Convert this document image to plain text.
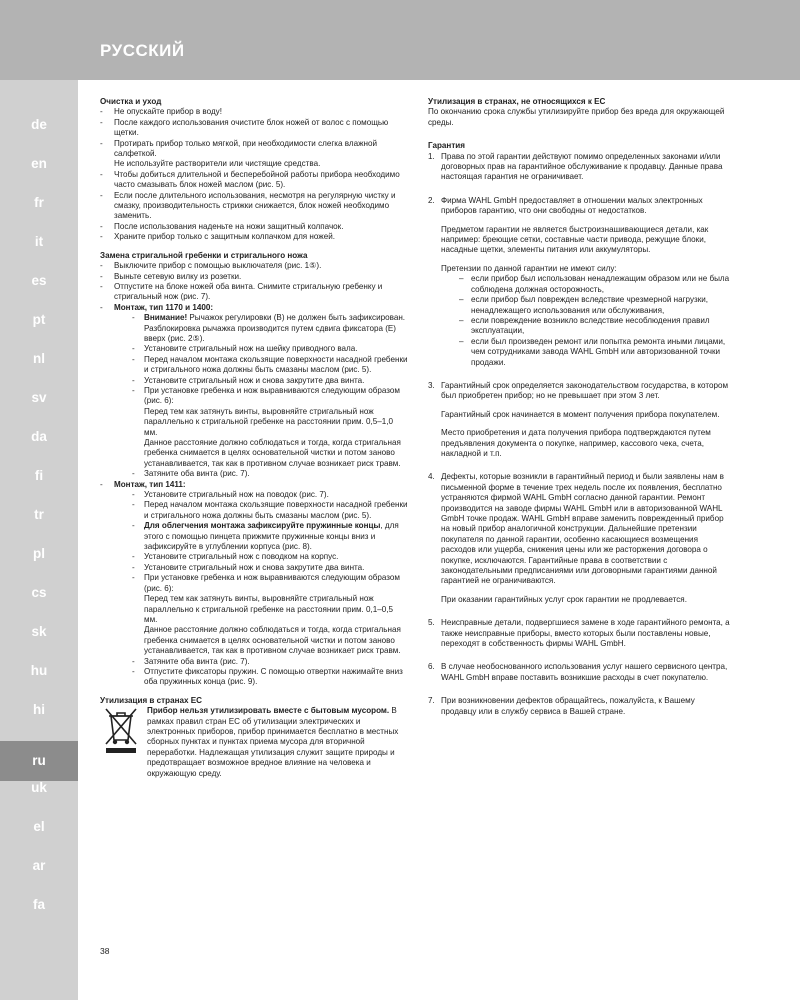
РУССКИЙ
de
en
fr
it
es
pt
nl
sv
da
fi
tr
pl
cs
sk
hu
hi
ru
uk
el
ar
fa
Очистка и уход
- Не опускайте прибор в воду!
- После каждого использования очистите блок ножей от волос с помощью щетки.
- Протирать прибор только мягкой, при необходимости слегка влажной салфеткой.
Не используйте растворители или чистящие средства.
- Чтобы добиться длительной и бесперебойной работы прибора необходимо часто смазывать блок ножей маслом (рис. 5).
- Если после длительного использования, несмотря на регулярную чистку и смазку, производительность стрижки снижается, блок ножей необходимо заменить.
- После использования наденьте на ножи защитный колпачок.
- Храните прибор только с защитным колпачком для ножей.
Замена стригальной гребенки и стригального ножа
- Выключите прибор с помощью выключателя (рис. 1⑤).
- Выньте сетевую вилку из розетки.
- Отпустите на блоке ножей оба винта. Снимите стригальную гребенку и стригальный нож (рис. 7).
- Монтаж, тип 1170 и 1400:
- Внимание! Рычажок регулировки (B) не должен быть зафиксирован. Разблокировка рычажка производится путем сдвига фиксатора (E) вверх (рис. 2⑤).
- Установите стригальный нож на шейку приводного вала.
- Перед началом монтажа скользящие поверхности насадной гребенки и стригального ножа должны быть смазаны маслом (рис. 5).
- Установите стригальный нож и снова закрутите два винта.
- При установке гребенка и нож выравниваются следующим образом (рис. 6):
Перед тем как затянуть винты, выровняйте стригальный нож параллельно к стригальной гребенке на расстоянии прим. 0,5–1,0 мм.
Данное расстояние должно соблюдаться и тогда, когда стригальная гребенка снимается в целях основательной чистки и потом заново устанавливается, так как в противном случае возникает риск травм.
- Затяните оба винта (рис. 7).
- Монтаж, тип 1411:
- Установите стригальный нож на поводок (рис. 7).
- Перед началом монтажа скользящие поверхности насадной гребенки и стригального ножа должны быть смазаны маслом (рис. 5).
- Для облегчения монтажа зафиксируйте пружинные концы, для этого с помощью пинцета прижмите пружинные концы вниз и зафиксируйте в углублении корпуса (рис. 8).
- Установите стригальный нож с поводком на корпус.
- Установите стригальный нож и снова закрутите два винта.
- При установке гребенка и нож выравниваются следующим образом (рис. 6):
Перед тем как затянуть винты, выровняйте стригальный нож параллельно к стригальной гребенке на расстоянии прим. 0,1–0,5 мм.
Данное расстояние должно соблюдаться и тогда, когда стригальная гребенка снимается в целях основательной чистки и потом заново устанавливается, так как в противном случае возникает риск травм.
- Затяните оба винта (рис. 7).
- Отпустите фиксаторы пружин. С помощью отвертки нажимайте вниз оба пружинных конца (рис. 9).
Утилизация в странах ЕС
Прибор нельзя утилизировать вместе с бытовым мусором. В рамках правил стран ЕС об утилизации электрических и электронных приборов, прибор принимается бесплатно в местных сборных пунктах и пунктах приема мусора для вторичной переработки. Надлежащая утилизация служит защите природы и предотвращает возможное вредное влияние на человека и окружающую среду.
Утилизация в странах, не относящихся к ЕС
По окончанию срока службы утилизируйте прибор без вреда для окружающей среды.
Гарантия
1. Права по этой гарантии действуют помимо определенных законами и/или договорных прав на гарантийное обслуживание к продавцу. Данные права настоящая гарантия не ограничивает.
2. Фирма WAHL GmbH предоставляет в отношении малых электронных приборов гарантию, что они свободны от недостатков.
Предметом гарантии не является быстроизнашивающиеся детали, как например: бреющие сетки, составные части привода, режущие блоки, насадные щетки, элементы питания или аккумуляторы.
Претензии по данной гарантии не имеют силу:
– если прибор был использован ненадлежащим образом или не была соблюдена должная осторожность,
– если прибор был поврежден вследствие чрезмерной нагрузки, ненадлежащего использования или обслуживания,
– если повреждение возникло вследствие несоблюдения правил эксплуатации,
– если был произведен ремонт или попытка ремонта иными лицами, чем сотрудниками завода WAHL GmbH или авторизованной точки продажи.
3. Гарантийный срок определяется законодательством государства, в котором был приобретен прибор; но не превышает при этом 3 лет.
Гарантийный срок начинается в момент получения прибора покупателем.
Место приобретения и дата получения прибора подтверждаются путем предъявления документа о покупке, например, кассового чека, счета, накладной и т.п.
4. Дефекты, которые возникли в гарантийный период и были заявлены нам в письменной форме в течение трех недель после их появления, бесплатно устраняются фирмой WAHL GmbH согласно данной гарантии. Ремонт производится на заводе фирмы WAHL GmbH или в авторизованной WAHL GmbH точке продаж. WAHL GmbH вправе заменить поврежденный прибор на новый прибор аналогичной конструкции. Дальнейшие претензии покупателя по данной гарантии, особенно касающиеся возмещения расходов или ущерба, снижения цены или же расторжения договора о покупке, исключаются. Гарантийные права в соответствии с законодательными предписаниями или договорными гарантиями данной гарантией не ограничиваются.
При оказании гарантийных услуг срок гарантии не продлевается.
5. Неисправные детали, подвергшиеся замене в ходе гарантийного ремонта, а также неисправные приборы, вместо которых были поставлены новые, переходят в собственность фирмы WAHL GmbH.
6. В случае необоснованного использования услуг нашего сервисного центра, WAHL GmbH вправе поставить возникшие расходы в счет покупателю.
7. При возникновении дефектов обращайтесь, пожалуйста, к Вашему продавцу или в службу сервиса в Вашей стране.
38
